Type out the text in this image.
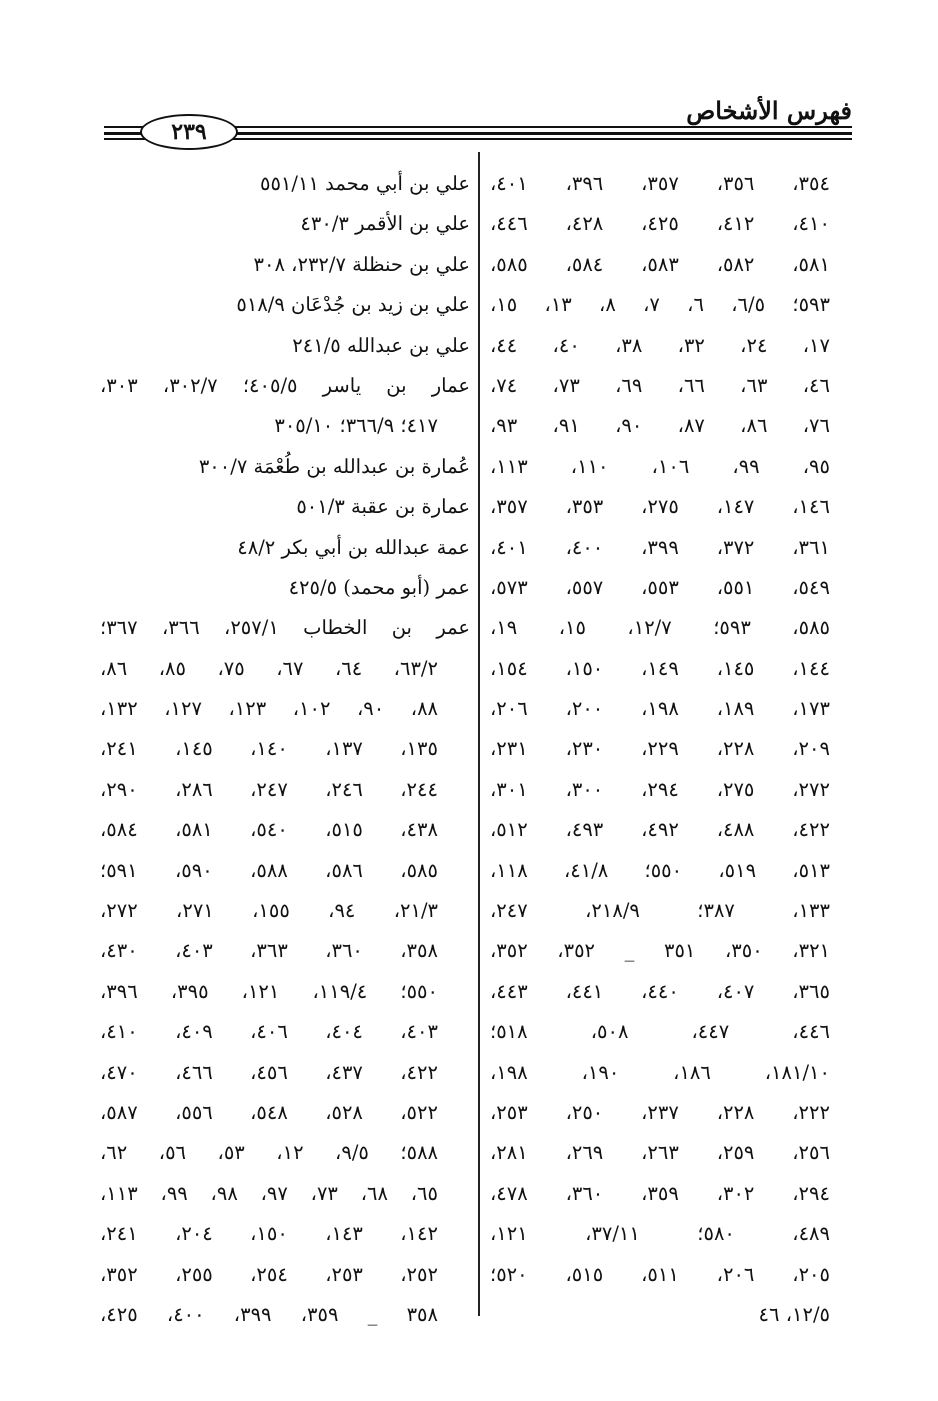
فهرس الأشخاص
٢٣٩
٣٥٤، ٣٥٦، ٣٥٧، ٣٩٦، ٤٠١،
٤١٠، ٤١٢، ٤٢٥، ٤٢٨، ٤٤٦،
٥٨١، ٥٨٢، ٥٨٣، ٥٨٤، ٥٨٥،
٥٩٣؛ ٦/٥، ٦، ٧، ٨، ١٣، ١٥،
١٧، ٢٤، ٣٢، ٣٨، ٤٠، ٤٤،
٤٦، ٦٣، ٦٦، ٦٩، ٧٣، ٧٤،
٧٦، ٨٦، ٨٧، ٩٠، ٩١، ٩٣،
٩٥، ٩٩، ١٠٦، ١١٠، ١١٣،
١٤٦، ١٤٧، ٢٧٥، ٣٥٣، ٣٥٧،
٣٦١، ٣٧٢، ٣٩٩، ٤٠٠، ٤٠١،
٥٤٩، ٥٥١، ٥٥٣، ٥٥٧، ٥٧٣،
٥٨٥، ٥٩٣؛ ١٢/٧، ١٥، ١٩،
١٤٤، ١٤٥، ١٤٩، ١٥٠، ١٥٤،
١٧٣، ١٨٩، ١٩٨، ٢٠٠، ٢٠٦،
٢٠٩، ٢٢٨، ٢٢٩، ٢٣٠، ٢٣١،
٢٧٢، ٢٧٥، ٢٩٤، ٣٠٠، ٣٠١،
٤٢٢، ٤٨٨، ٤٩٢، ٤٩٣، ٥١٢،
٥١٣، ٥١٩، ٥٥٠؛ ٤١/٨، ١١٨،
١٣٣، ٣٨٧؛ ٢١٨/٩، ٢٤٧،
٣٢١، ٣٥٠، ٣٥١ _ ٣٥٢، ٣٥٢،
٣٦٥، ٤٠٧، ٤٤٠، ٤٤١، ٤٤٣،
٤٤٦، ٤٤٧، ٥٠٨، ٥١٨؛
١٨١/١٠، ١٨٦، ١٩٠، ١٩٨،
٢٢٢، ٢٢٨، ٢٣٧، ٢٥٠، ٢٥٣،
٢٥٦، ٢٥٩، ٢٦٣، ٢٦٩، ٢٨١،
٢٩٤، ٣٠٢، ٣٥٩، ٣٦٠، ٤٧٨،
٤٨٩، ٥٨٠؛ ٣٧/١١، ١٢١،
٢٠٥، ٢٠٦، ٥١١، ٥١٥، ٥٢٠؛
١٢/٥، ٤٦
علي بن أبي محمد ٥٥١/١١
علي بن الأقمر ٤٣٠/٣
علي بن حنظلة ٢٣٢/٧، ٣٠٨
علي بن زيد بن جُدْعَان ٥١٨/٩
علي بن عبدالله ٢٤١/٥
عمار بن ياسر ٤٠٥/٥؛ ٣٠٢/٧، ٣٠٣،
٤١٧؛ ٣٦٦/٩؛ ٣٠٥/١٠
عُمارة بن عبدالله بن طُعْمَة ٣٠٠/٧
عمارة بن عقبة ٥٠١/٣
عمة عبدالله بن أبي بكر ٤٨/٢
عمر (أبو محمد) ٤٢٥/٥
عمر بن الخطاب ٢٥٧/١، ٣٦٦، ٣٦٧؛
٦٣/٢، ٦٤، ٦٧، ٧٥، ٨٥، ٨٦،
٨٨، ٩٠، ١٠٢، ١٢٣، ١٢٧، ١٣٢،
١٣٥، ١٣٧، ١٤٠، ١٤٥، ٢٤١،
٢٤٤، ٢٤٦، ٢٤٧، ٢٨٦، ٢٩٠،
٤٣٨، ٥١٥، ٥٤٠، ٥٨١، ٥٨٤،
٥٨٥، ٥٨٦، ٥٨٨، ٥٩٠، ٥٩١؛
٢١/٣، ٩٤، ١٥٥، ٢٧١، ٢٧٢،
٣٥٨، ٣٦٠، ٣٦٣، ٤٠٣، ٤٣٠،
٥٥٠؛ ١١٩/٤، ١٢١، ٣٩٥، ٣٩٦،
٤٠٣، ٤٠٤، ٤٠٦، ٤٠٩، ٤١٠،
٤٢٢، ٤٣٧، ٤٥٦، ٤٦٦، ٤٧٠،
٥٢٢، ٥٢٨، ٥٤٨، ٥٥٦، ٥٨٧،
٥٨٨؛ ٩/٥، ١٢، ٥٣، ٥٦، ٦٢،
٦٥، ٦٨، ٧٣، ٩٧، ٩٨، ٩٩، ١١٣،
١٤٢، ١٤٣، ١٥٠، ٢٠٤، ٢٤١،
٢٥٢، ٢٥٣، ٢٥٤، ٢٥٥، ٣٥٢،
٣٥٨ _ ٣٥٩، ٣٩٩، ٤٠٠، ٤٢٥،
